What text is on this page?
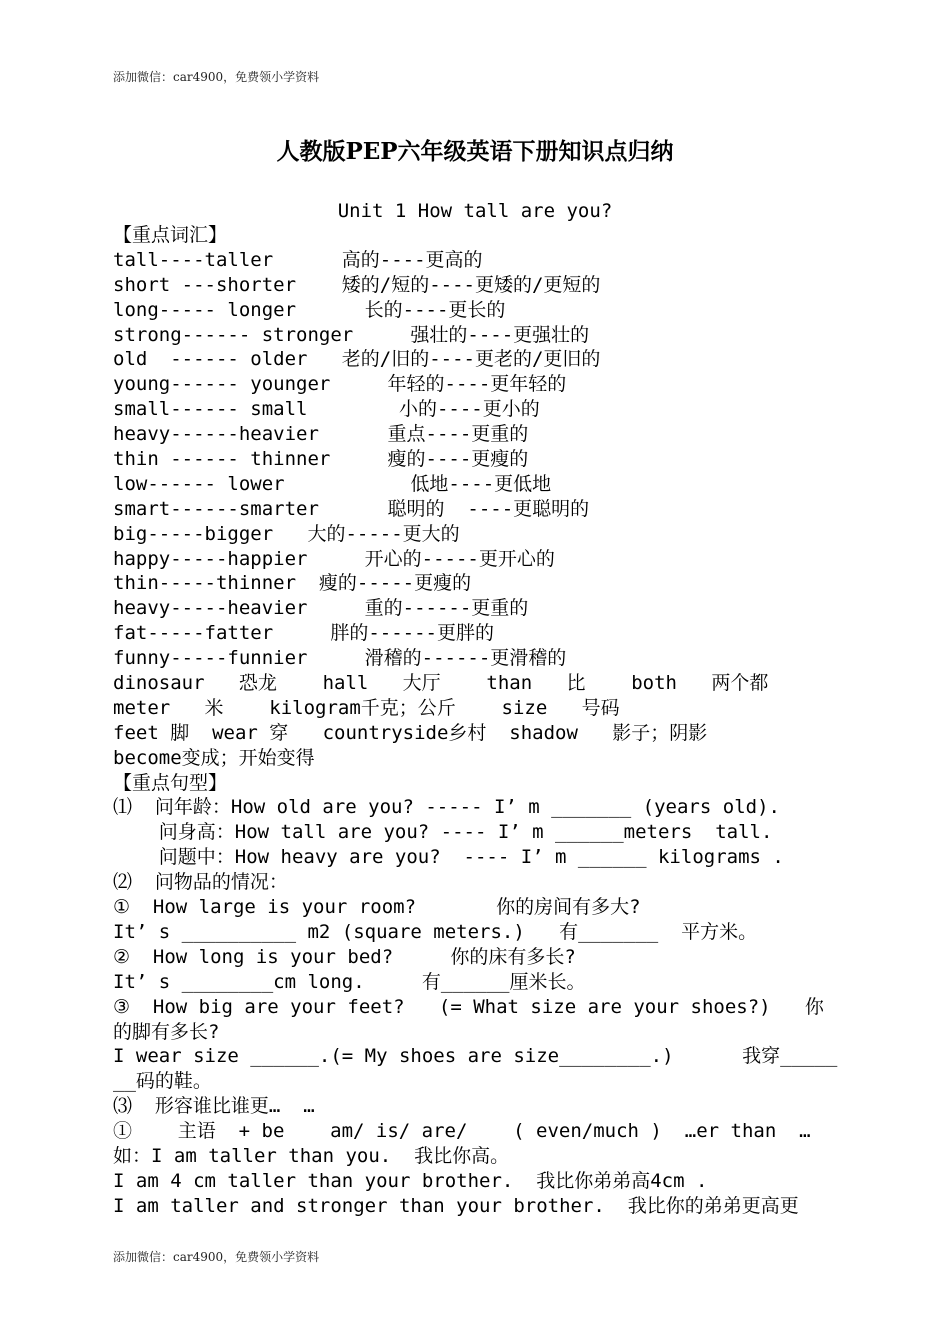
添加微信：car4900，免费领小学资料
人教版PEP六年级英语下册知识点归纳
Unit 1 How tall are you?
【重点词汇】
tall----taller      高的----更高的
short ---shorter    矮的/短的----更矮的/更短的
long----- longer      长的----更长的
strong------ stronger     强壮的----更强壮的
old  ------ older   老的/旧的----更老的/更旧的
young------ younger     年轻的----更年轻的
small------ small        小的----更小的
heavy------heavier      重点----更重的
thin ------ thinner     瘦的----更瘦的
low------ lower           低地----更低地
smart------smarter      聪明的  ----更聪明的
big-----bigger   大的-----更大的
happy-----happier     开心的-----更开心的
thin-----thinner  瘦的-----更瘦的
heavy-----heavier     重的------更重的
fat-----fatter     胖的------更胖的
funny-----funnier     滑稽的------更滑稽的
dinosaur   恐龙    hall   大厅    than   比    both   两个都
meter   米    kilogram千克；公斤    size   号码
feet 脚  wear 穿   countryside乡村  shadow   影子；阴影
become变成；开始变得
【重点句型】
⑴  问年龄：How old are you? ----- I’ m _______ (years old).
问身高：How tall are you? ---- I’ m ______meters  tall.
问题中：How heavy are you?  ---- I’ m ______ kilograms .
⑵  问物品的情况：
①  How large is your room?       你的房间有多大?
It’ s __________ m2 (square meters.)   有_______  平方米。
②  How long is your bed?     你的床有多长?
It’ s ________cm long.     有______厘米长。
③  How big are your feet?   (= What size are your shoes?)   你
的脚有多长?
I wear size ______.(= My shoes are size________.)      我穿_____
__码的鞋。
⑶  形容谁比谁更…  …
①    主语  + be    am/ is/ are/    ( even/much )  …er than  …
如：I am taller than you.  我比你高。
I am 4 cm taller than your brother.  我比你弟弟高4cm .
I am taller and stronger than your brother.  我比你的弟弟更高更
添加微信：car4900，免费领小学资料
